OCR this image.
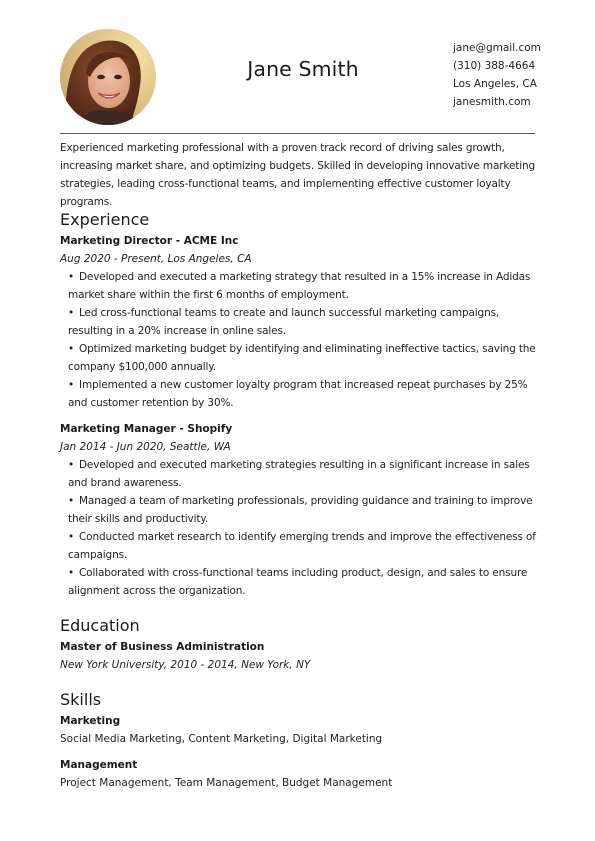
Jane Smith
jane@gmail.com
(310) 388-4664
Los Angeles, CA
janesmith.com

Experienced marketing professional with a proven track record of driving sales growth, increasing market share, and optimizing budgets. Skilled in developing innovative marketing strategies, leading cross-functional teams, and implementing effective customer loyalty programs.

Experience
Marketing Director - ACME Inc
Aug 2020 - Present, Los Angeles, CA
• Developed and executed a marketing strategy that resulted in a 15% increase in Adidas market share within the first 6 months of employment.
• Led cross-functional teams to create and launch successful marketing campaigns, resulting in a 20% increase in online sales.
• Optimized marketing budget by identifying and eliminating ineffective tactics, saving the company $100,000 annually.
• Implemented a new customer loyalty program that increased repeat purchases by 25% and customer retention by 30%.
Marketing Manager - Shopify
Jan 2014 - Jun 2020, Seattle, WA
• Developed and executed marketing strategies resulting in a significant increase in sales and brand awareness.
• Managed a team of marketing professionals, providing guidance and training to improve their skills and productivity.
• Conducted market research to identify emerging trends and improve the effectiveness of campaigns.
• Collaborated with cross-functional teams including product, design, and sales to ensure alignment across the organization.
Education
Master of Business Administration
New York University, 2010 - 2014, New York, NY
Skills
Marketing
Social Media Marketing, Content Marketing, Digital Marketing
Management
Project Management, Team Management, Budget Management
